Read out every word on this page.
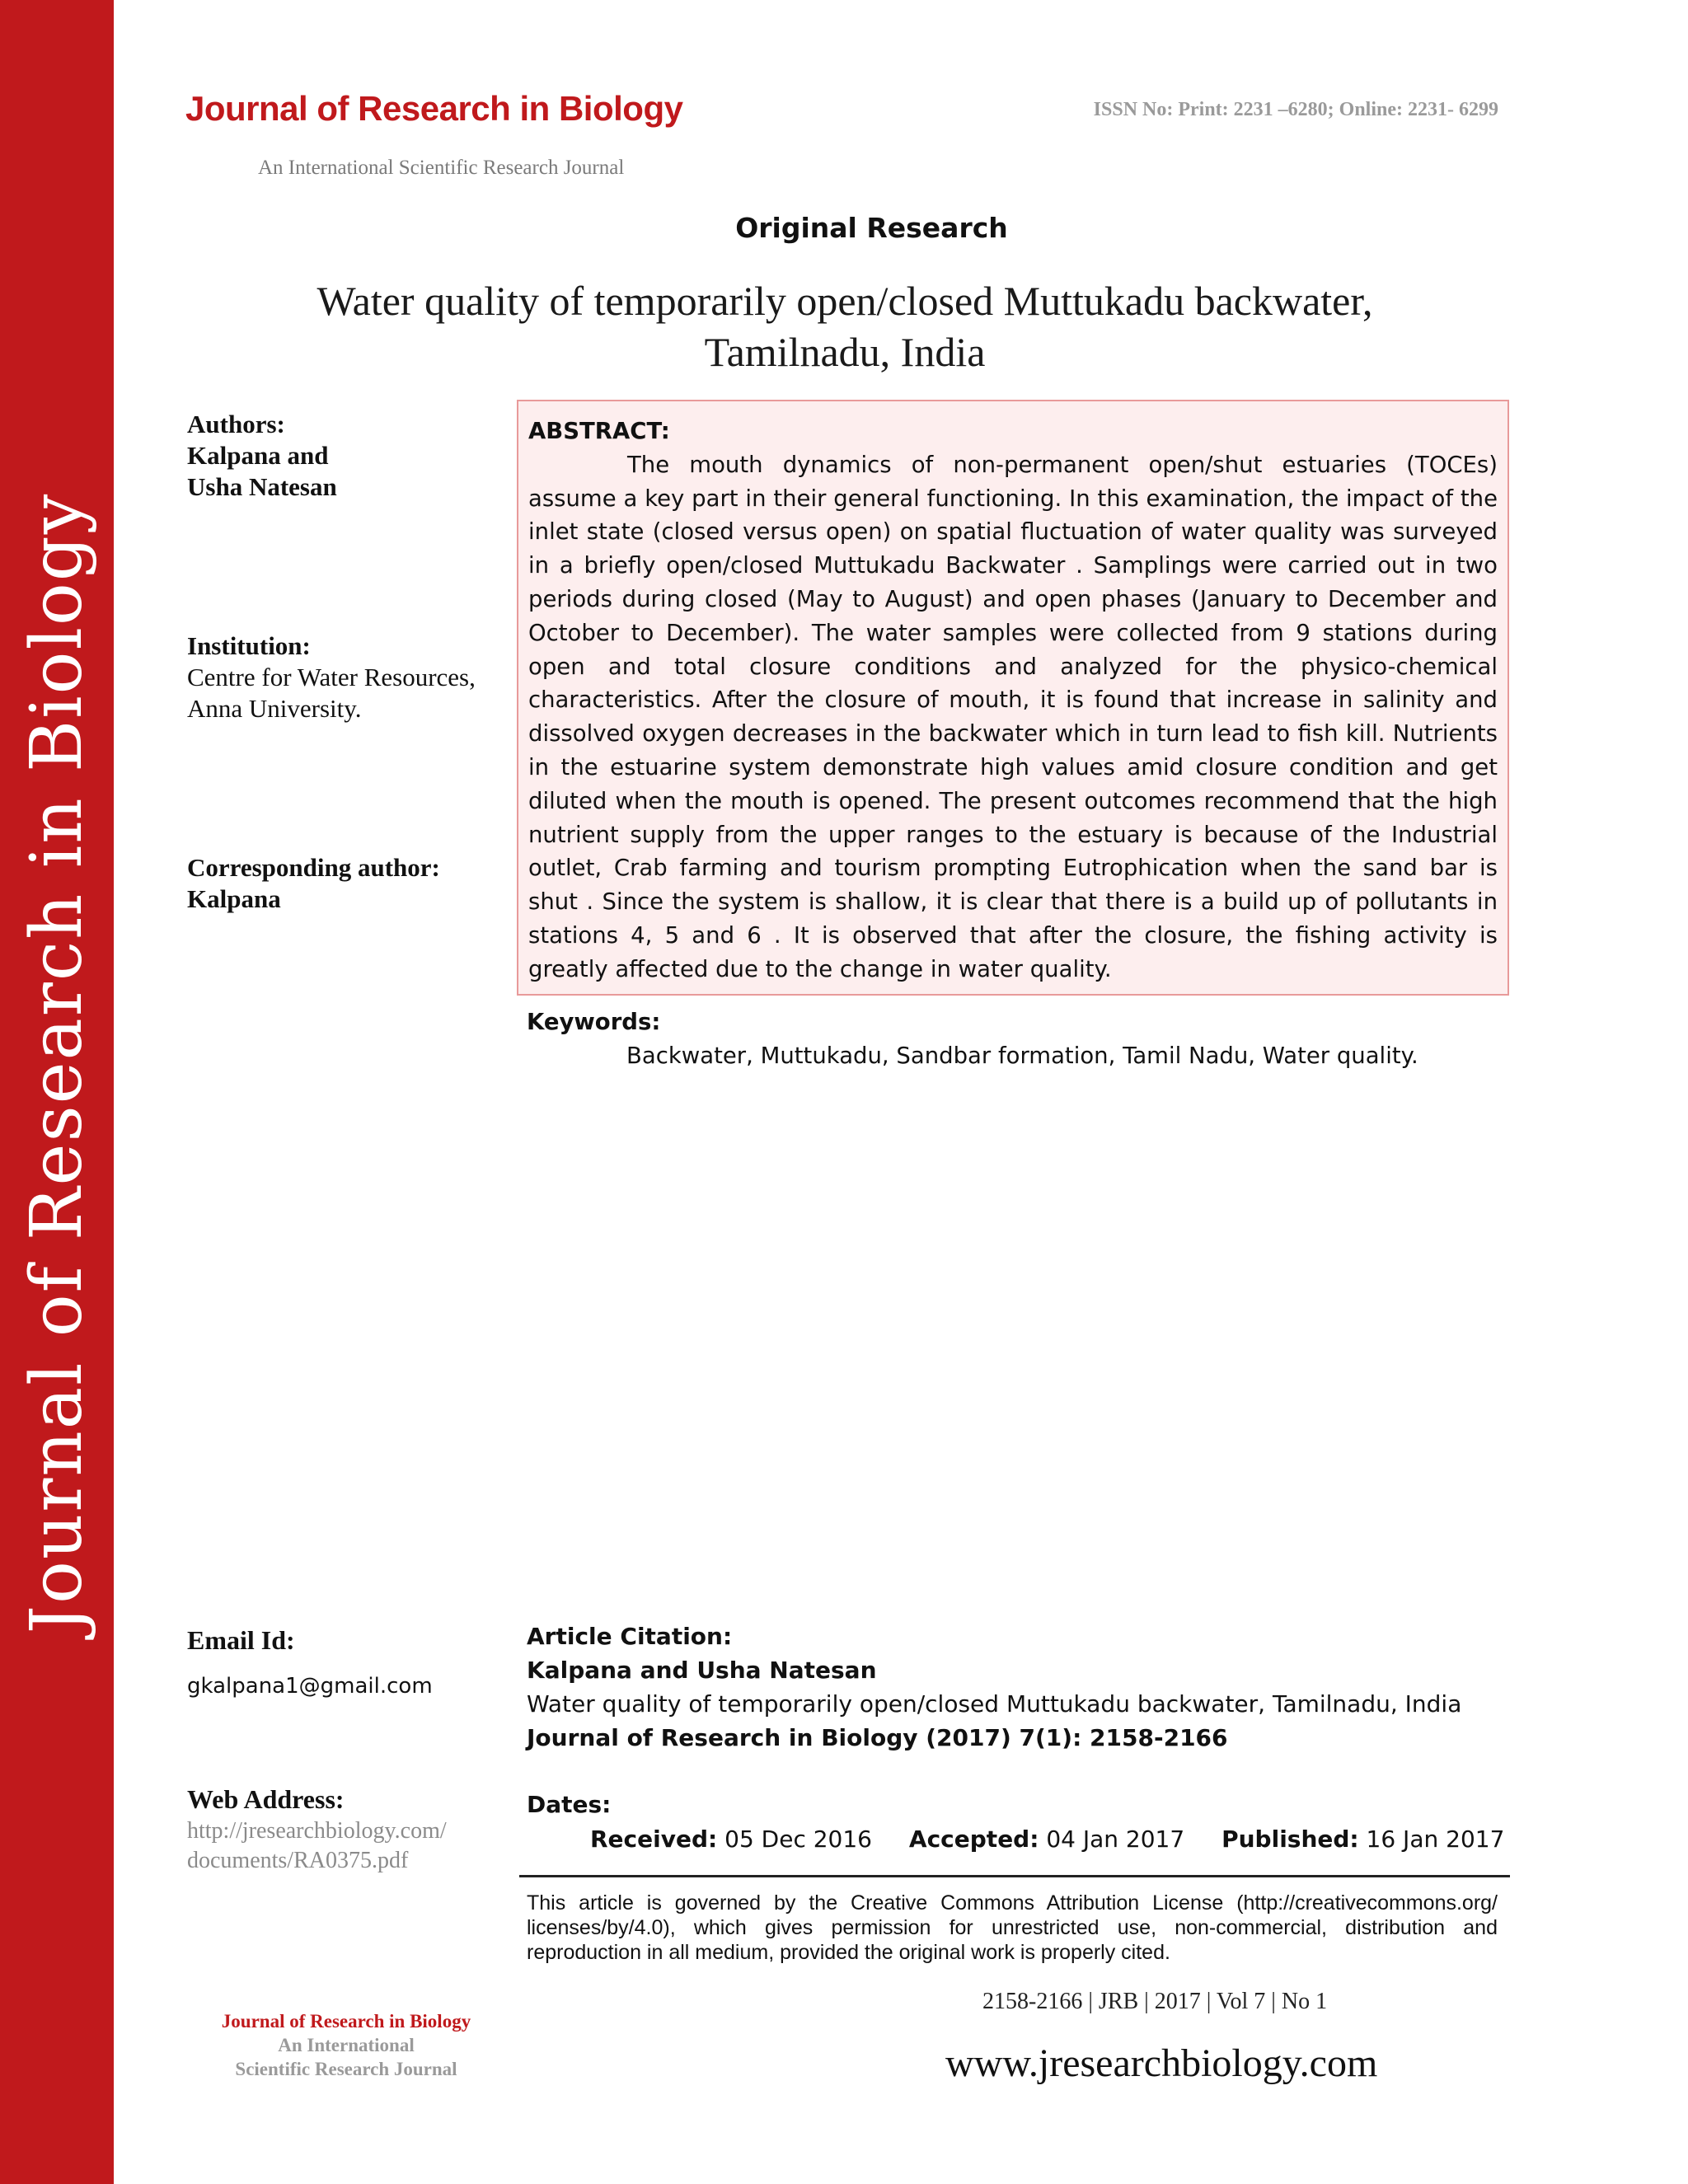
Journal of Research in Biology
Journal of Research in Biology
An International Scientific Research Journal
ISSN No: Print: 2231 –6280; Online: 2231- 6299
Original Research
Water quality of temporarily open/closed Muttukadu backwater,
Tamilnadu, India
Authors:
Kalpana and
Usha Natesan
Institution:
Centre for Water Resources,
Anna University.
Corresponding author:
Kalpana
ABSTRACT:

The mouth dynamics of non-permanent open/shut estuaries (TOCEs) assume a key part in their general functioning. In this examination, the impact of the inlet state (closed versus open) on spatial fluctuation of water quality was surveyed in a briefly open/closed Muttukadu Backwater . Samplings were carried out in two periods during closed (May to August) and open phases (January to December and October to December). The water samples were collected from 9 stations during open and total closure conditions and analyzed for the physico-chemical characteristics. After the closure of mouth, it is found that increase in salinity and dissolved oxygen decreases in the backwater which in turn lead to fish kill. Nutrients in the estuarine system demonstrate high values amid closure condition and get diluted when the mouth is opened. The present outcomes recommend that the high nutrient supply from the upper ranges to the estuary is because of the Industrial outlet, Crab farming and tourism prompting Eutrophication when the sand bar is shut . Since the system is shallow, it is clear that there is a build up of pollutants in stations 4, 5 and 6 . It is observed that after the closure, the fishing activity is greatly affected due to the change in water quality.

Keywords:
Backwater, Muttukadu, Sandbar formation, Tamil Nadu, Water quality.
Email Id:
gkalpana1@gmail.com
Web Address:
http://jresearchbiology.com/
documents/RA0375.pdf
Article Citation:
Kalpana and Usha Natesan
Water quality of temporarily open/closed Muttukadu backwater, Tamilnadu, India
Journal of Research in Biology (2017) 7(1): 2158-2166
Dates:
Received: 05 Dec 2016 Accepted: 04 Jan 2017 Published: 16 Jan 2017
This article is governed by the Creative Commons Attribution License (http://creativecommons.org/ licenses/by/4.0), which gives permission for unrestricted use, non-commercial, distribution and reproduction in all medium, provided the original work is properly cited.
2158-2166 | JRB | 2017 | Vol 7 | No 1
www.jresearchbiology.com
Journal of Research in Biology
An International
Scientific Research Journal
